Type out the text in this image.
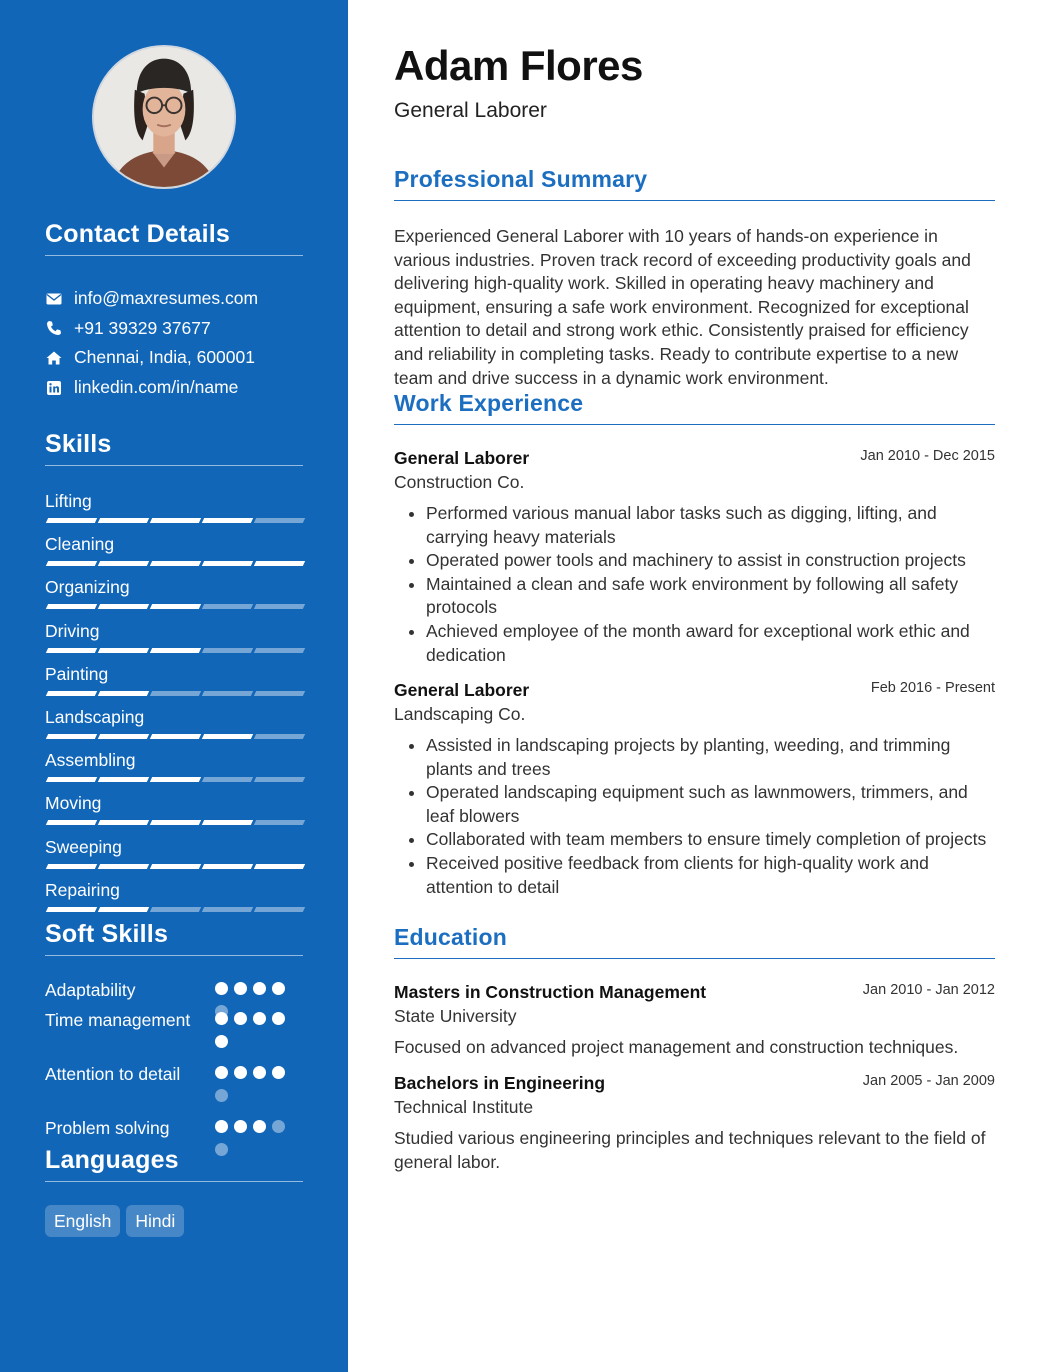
Contact Details
info@maxresumes.com
+91 39329 37677
Chennai, India, 600001
linkedin.com/in/name
Skills
Lifting
Cleaning
Organizing
Driving
Painting
Landscaping
Assembling
Moving
Sweeping
Repairing
Soft Skills
Adaptability
Time management
Attention to detail
Problem solving
Languages
English	Hindi
Adam Flores
General Laborer
Professional Summary

Experienced General Laborer with 10 years of hands-on experience in various industries. Proven track record of exceeding productivity goals and delivering high-quality work. Skilled in operating heavy machinery and equipment, ensuring a safe work environment. Recognized for exceptional attention to detail and strong work ethic. Consistently praised for efficiency and reliability in completing tasks. Ready to contribute expertise to a new team and drive success in a dynamic work environment.

Work Experience
General Laborer	Jan 2010 - Dec 2015
Construction Co.
• Performed various manual labor tasks such as digging, lifting, and carrying heavy materials
• Operated power tools and machinery to assist in construction projects
• Maintained a clean and safe work environment by following all safety protocols
• Achieved employee of the month award for exceptional work ethic and dedication
General Laborer	Feb 2016 - Present
Landscaping Co.
• Assisted in landscaping projects by planting, weeding, and trimming plants and trees
• Operated landscaping equipment such as lawnmowers, trimmers, and leaf blowers
• Collaborated with team members to ensure timely completion of projects
• Received positive feedback from clients for high-quality work and attention to detail
Education
Masters in Construction Management	Jan 2010 - Jan 2012
State University

Focused on advanced project management and construction techniques.

Bachelors in Engineering	Jan 2005 - Jan 2009
Technical Institute

Studied various engineering principles and techniques relevant to the field of general labor.
